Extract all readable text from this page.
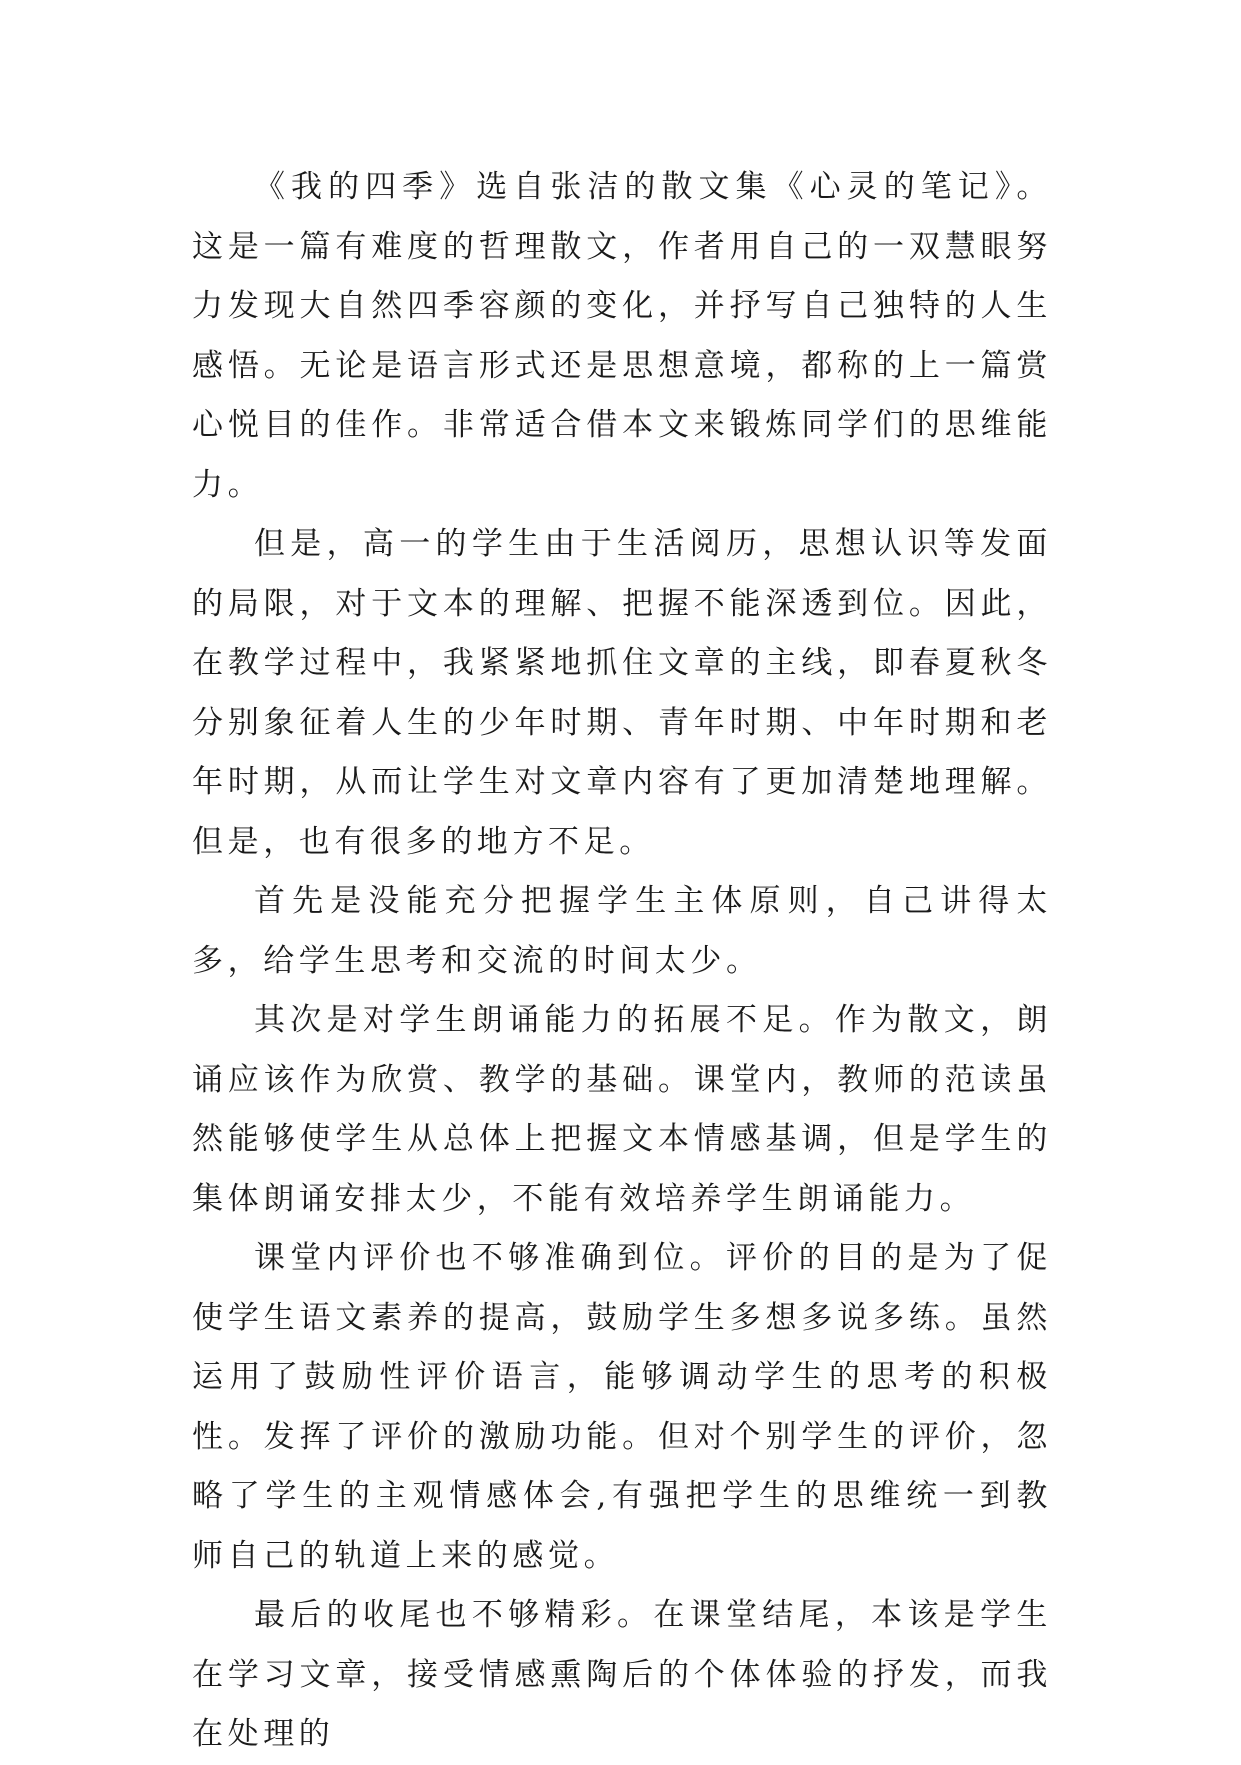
《我的四季》选自张洁的散文集《心灵的笔记》。这是一篇有难度的哲理散文，作者用自己的一双慧眼努力发现大自然四季容颜的变化，并抒写自己独特的人生感悟。无论是语言形式还是思想意境，都称的上一篇赏心悦目的佳作。非常适合借本文来锻炼同学们的思维能力。

但是，高一的学生由于生活阅历，思想认识等发面的局限，对于文本的理解、把握不能深透到位。因此，在教学过程中，我紧紧地抓住文章的主线，即春夏秋冬分别象征着人生的少年时期、青年时期、中年时期和老年时期，从而让学生对文章内容有了更加清楚地理解。但是，也有很多的地方不足。

首先是没能充分把握学生主体原则，自己讲得太多，给学生思考和交流的时间太少。

其次是对学生朗诵能力的拓展不足。作为散文，朗诵应该作为欣赏、教学的基础。课堂内，教师的范读虽然能够使学生从总体上把握文本情感基调，但是学生的集体朗诵安排太少，不能有效培养学生朗诵能力。

课堂内评价也不够准确到位。评价的目的是为了促使学生语文素养的提高，鼓励学生多想多说多练。虽然运用了鼓励性评价语言，能够调动学生的思考的积极性。发挥了评价的激励功能。但对个别学生的评价，忽略了学生的主观情感体会,有强把学生的思维统一到教师自己的轨道上来的感觉。

最后的收尾也不够精彩。在课堂结尾，本该是学生在学习文章，接受情感熏陶后的个体体验的抒发，而我在处理的
